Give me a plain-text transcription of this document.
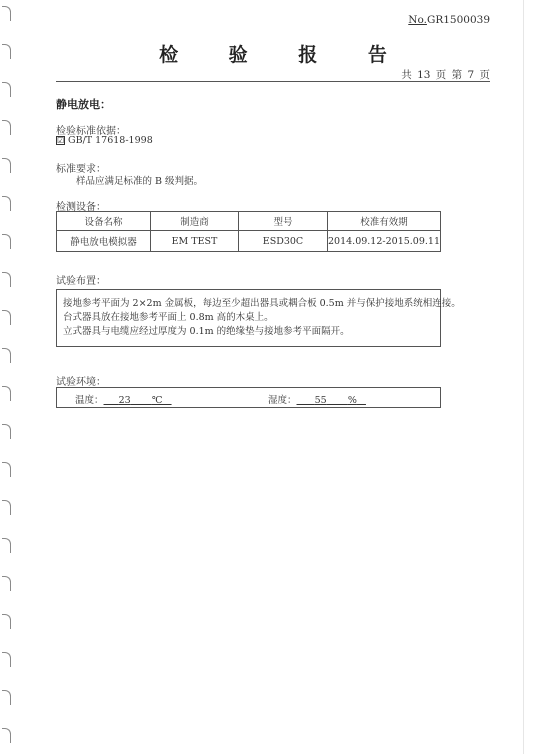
No.GR1500039
检 验 报 告
共 13 页 第 7 页
静电放电：
检验标准依据：
☑ GB/T 17618-1998
标准要求：
样品应满足标准的 B 级判据。
检测设备：
设备名称	制造商	型号	校准有效期
静电放电模拟器	EM TEST	ESD30C	2014.09.12-2015.09.11
试验布置：
接地参考平面为 2×2m 金属板，每边至少超出器具或耦合板 0.5m 并与保护接地系统相连接。
台式器具放在接地参考平面上 0.8m 高的木桌上。
立式器具与电缆应经过厚度为 0.1m 的绝缘垫与接地参考平面隔开。
试验环境：
温度： 23 ℃	湿度： 55 %
